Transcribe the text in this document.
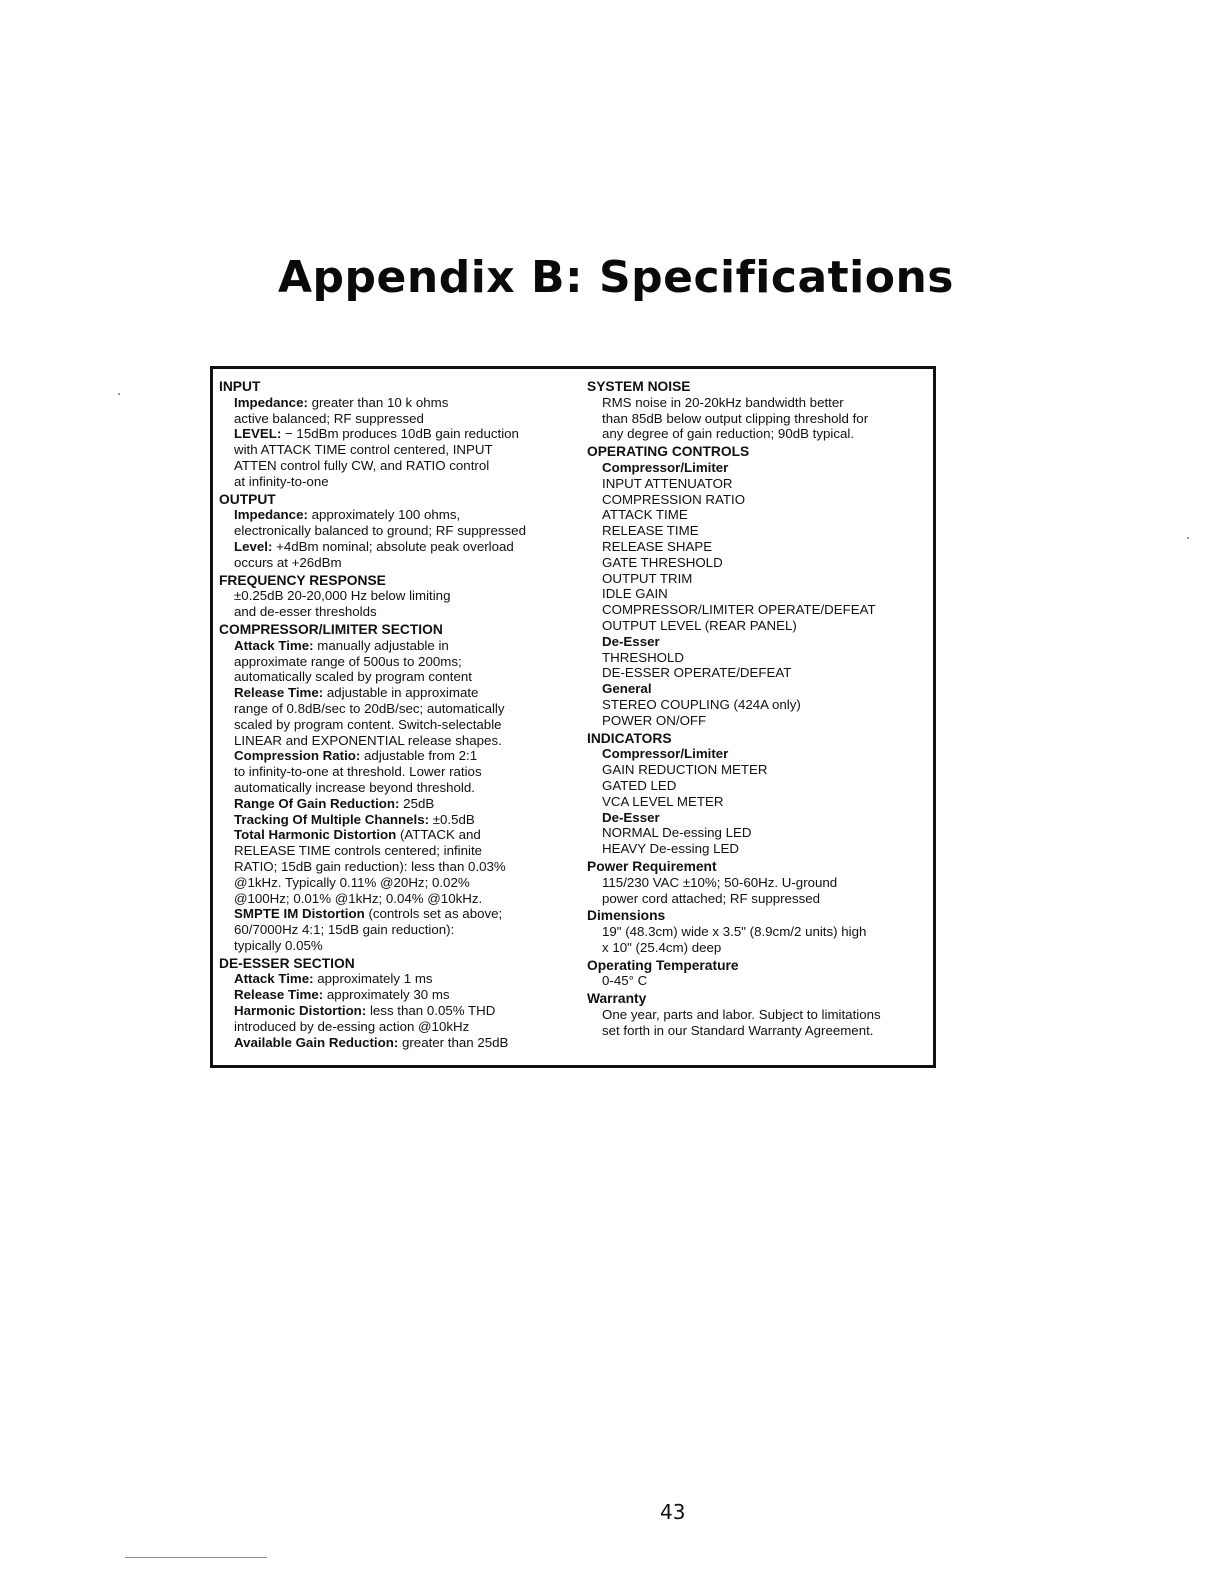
Appendix B: Specifications
INPUT
Impedance: greater than 10 k ohms
active balanced; RF suppressed
LEVEL: − 15dBm produces 10dB gain reduction
with ATTACK TIME control centered, INPUT
ATTEN control fully CW, and RATIO control
at infinity-to-one
OUTPUT
Impedance: approximately 100 ohms,
electronically balanced to ground; RF suppressed
Level: +4dBm nominal; absolute peak overload
occurs at +26dBm
FREQUENCY RESPONSE
±0.25dB 20-20,000 Hz below limiting
and de-esser thresholds
COMPRESSOR/LIMITER SECTION
Attack Time: manually adjustable in
approximate range of 500us to 200ms;
automatically scaled by program content
Release Time: adjustable in approximate
range of 0.8dB/sec to 20dB/sec; automatically
scaled by program content. Switch-selectable
LINEAR and EXPONENTIAL release shapes.
Compression Ratio: adjustable from 2:1
to infinity-to-one at threshold. Lower ratios
automatically increase beyond threshold.
Range Of Gain Reduction: 25dB
Tracking Of Multiple Channels: ±0.5dB
Total Harmonic Distortion (ATTACK and
RELEASE TIME controls centered; infinite
RATIO; 15dB gain reduction): less than 0.03%
@1kHz. Typically 0.11% @20Hz; 0.02%
@100Hz; 0.01% @1kHz; 0.04% @10kHz.
SMPTE IM Distortion (controls set as above;
60/7000Hz 4:1; 15dB gain reduction):
typically 0.05%
DE-ESSER SECTION
Attack Time: approximately 1 ms
Release Time: approximately 30 ms
Harmonic Distortion: less than 0.05% THD
introduced by de-essing action @10kHz
Available Gain Reduction: greater than 25dB
SYSTEM NOISE
RMS noise in 20-20kHz bandwidth better
than 85dB below output clipping threshold for
any degree of gain reduction; 90dB typical.
OPERATING CONTROLS
Compressor/Limiter
INPUT ATTENUATOR
COMPRESSION RATIO
ATTACK TIME
RELEASE TIME
RELEASE SHAPE
GATE THRESHOLD
OUTPUT TRIM
IDLE GAIN
COMPRESSOR/LIMITER OPERATE/DEFEAT
OUTPUT LEVEL (REAR PANEL)
De-Esser
THRESHOLD
DE-ESSER OPERATE/DEFEAT
General
STEREO COUPLING (424A only)
POWER ON/OFF
INDICATORS
Compressor/Limiter
GAIN REDUCTION METER
GATED LED
VCA LEVEL METER
De-Esser
NORMAL De-essing LED
HEAVY De-essing LED
Power Requirement
115/230 VAC ±10%; 50-60Hz. U-ground
power cord attached; RF suppressed
Dimensions
19" (48.3cm) wide x 3.5" (8.9cm/2 units) high
x 10" (25.4cm) deep
Operating Temperature
0-45° C
Warranty
One year, parts and labor. Subject to limitations
set forth in our Standard Warranty Agreement.
43
